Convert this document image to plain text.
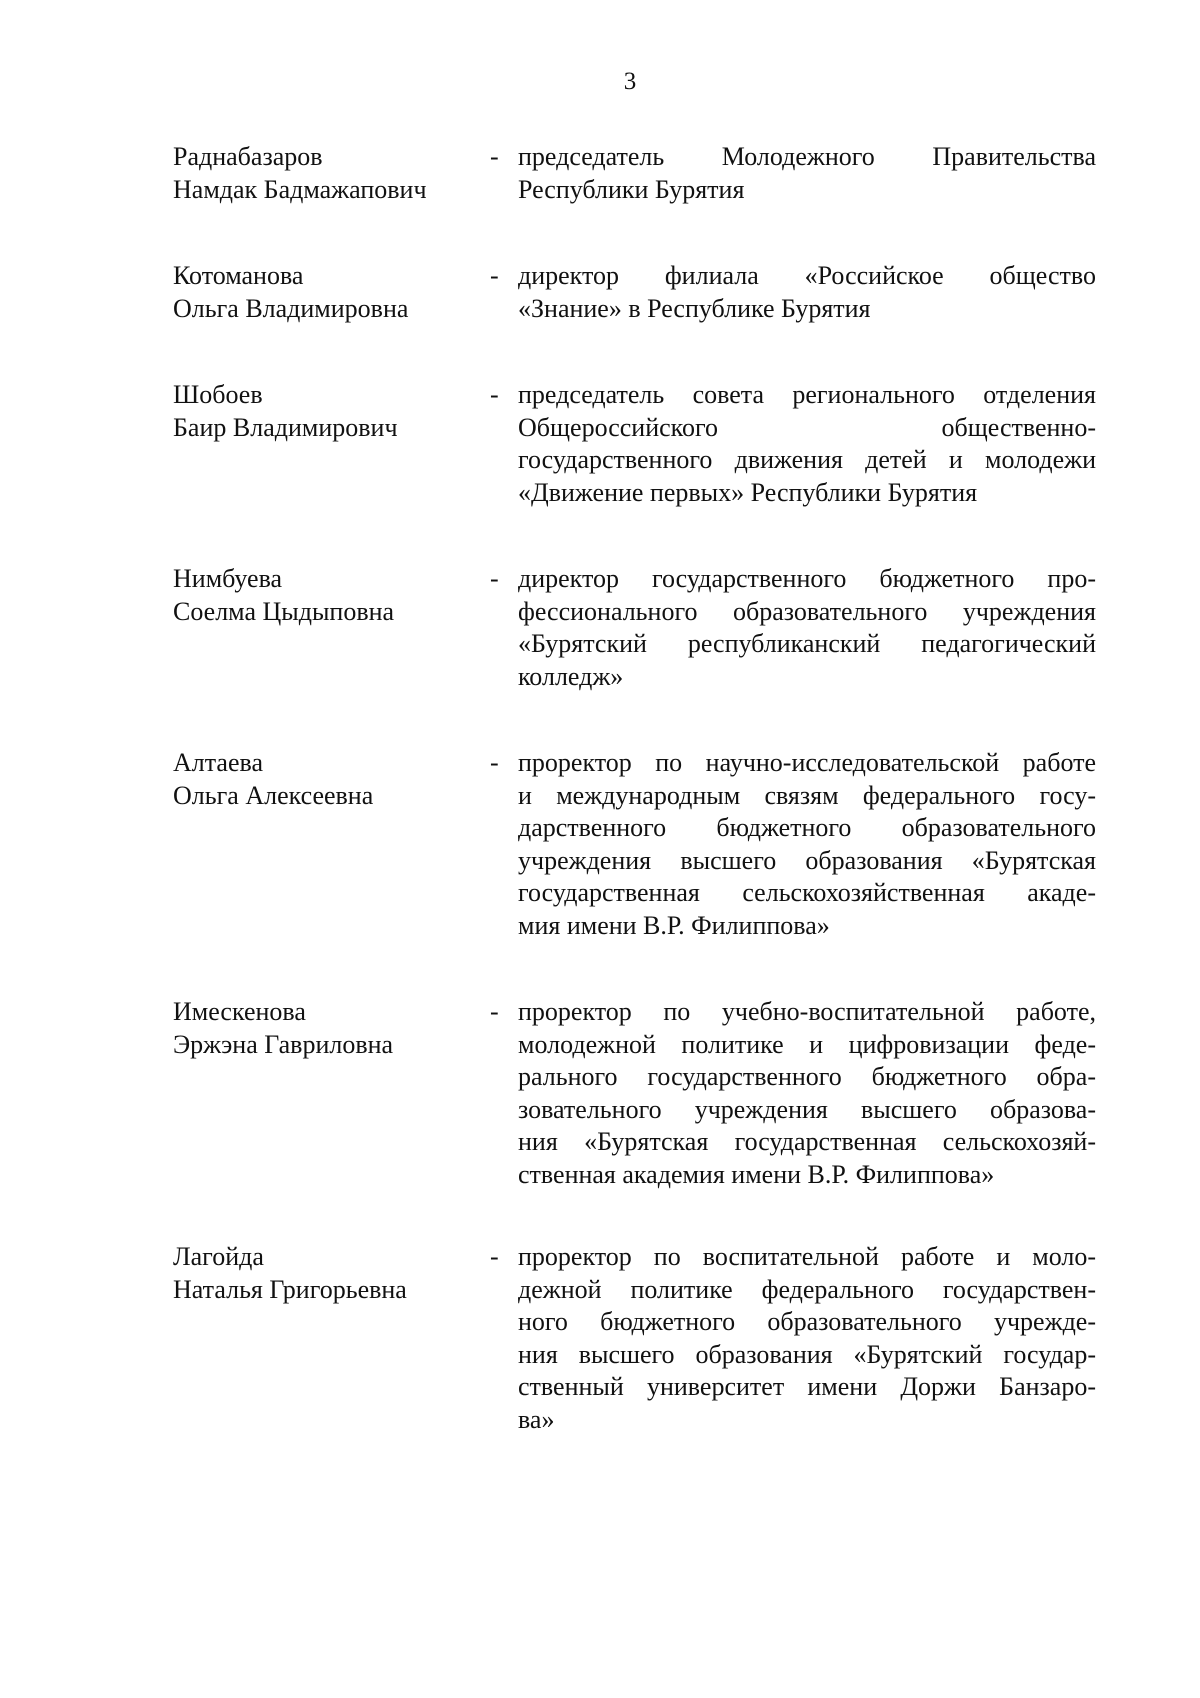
3
Раднабазаров
Намдак Бадмажапович
- председатель Молодежного Правительства
Республики Бурятия
Котоманова
Ольга Владимировна
- директор филиала «Российское общество
«Знание» в Республике Бурятия
Шобоев
Баир Владимирович
- председатель совета регионального отделения
Общероссийского общественно-
государственного движения детей и молодежи
«Движение первых» Республики Бурятия
Нимбуева
Соелма Цыдыповна
- директор государственного бюджетного про-
фессионального образовательного учреждения
«Бурятский республиканский педагогический
колледж»
Алтаева
Ольга Алексеевна
- проректор по научно-исследовательской работе
и международным связям федерального госу-
дарственного бюджетного образовательного
учреждения высшего образования «Бурятская
государственная сельскохозяйственная акаде-
мия имени В.Р. Филиппова»
Имескенова
Эржэна Гавриловна
- проректор по учебно-воспитательной работе,
молодежной политике и цифровизации феде-
рального государственного бюджетного обра-
зовательного учреждения высшего образова-
ния «Бурятская государственная сельскохозяй-
ственная академия имени В.Р. Филиппова»
Лагойда
Наталья Григорьевна
- проректор по воспитательной работе и моло-
дежной политике федерального государствен-
ного бюджетного образовательного учрежде-
ния высшего образования «Бурятский государ-
ственный университет имени Доржи Банзаро-
ва»
